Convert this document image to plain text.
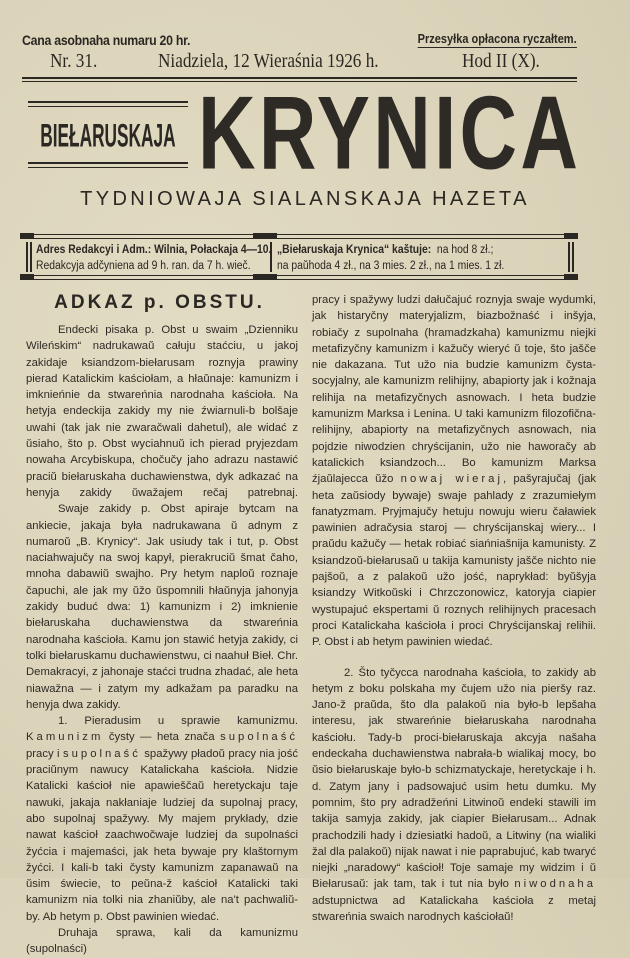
Cana asobnaha numaru 20 hr.	Przesyłka opłacona ryczałtem.
Nr. 31.	Niadziela, 12 Wieraśnia 1926 h.	Hod II (X).
BIEŁARUSKAJA KRYNICA
TYDNIOWAJA SIALANSKAJA HAZETA
Adres Redakcyi i Adm.: Wilnia, Połackaja 4—10.
Redakcyja adčyniena ad 9 h. ran. da 7 h. wieč.
„Biełaruskaja Krynica“ kaštuje: na hod 8 zł.;
na paŭhoda 4 zł., na 3 mies. 2 zł., na 1 mies. 1 zł.
ADKAZ p. OBSTU.

Endecki pisaka p. Obst u swaim „Dzienniku Wileńskim“ nadrukawaŭ całuju staćciu, u jakoj zakidaje ksiandzom-biełarusam roznyja prawiny pierad Katalickim kaściołam, a hłaŭnaje: kamunizm i imknieńnie da stwareńnia narodnaha kaścioła. Na hetyja endeckija zakidy my nie źwiarnuli-b bolšaje uwahi (tak jak nie zwaračwali dahetul), ale widać z ŭsiaho, što p. Obst wyciahnuŭ ich pierad pryjezdam nowaha Arcybiskupa, chočučy jaho adrazu nastawić praciŭ biełaruskaha duchawienstwa, dyk adkazać na henyja zakidy ŭwažajem rečaj patrebnaj.

Swaje zakidy p. Obst apiraje bytcam na ankiecie, jakaja była nadrukawana ŭ adnym z numaroŭ „B. Krynicy“. Jak usiudy tak i tut, p. Obst naciahwajučy na swoj kapył, pierakruciŭ šmat čaho, mnoha dabawiŭ swajho. Pry hetym naploŭ roznaje čapuchi, ale jak my ŭžo ŭspomnili hłaŭnyja jahonyja zakidy buduć dwa: 1) kamunizm i 2) imknienie biełaruskaha duchawienstwa da stwareńnia narodnaha kaścioła. Kamu jon stawić hetyja zakidy, ci tolki biełaruskamu duchawienstwu, ci naahuł Bieł. Chr. Demakracyi, z jahonaje staćci trudna zhadać, ale heta niawažna — i zatym my adkažam pa paradku na henyja dwa zakidy.

1. Pieradusim u sprawie kamunizmu. Kamunizm čysty — heta znača supolnaść pracy i supolnaść spažywy pładoŭ pracy nia jość praciŭnym nawucy Katalickaha kaścioła. Nidzie Katalicki kaścioł nie apawieščaŭ heretyckaju taje nawuki, jakaja nakłaniaje ludziej da supolnaj pracy, abo supolnaj spažywy. My majem prykłady, dzie nawat kaścioł zaachwočwaje ludziej da supolnaści žyćcia i majemaści, jak heta bywaje pry klaštornym žyćci. I kali-b taki čysty kamunizm zapanawaŭ na ŭsim świecie, to peŭna-ž kaścioł Katalicki taki kamunizm nia tolki nia zhaniŭby, ale na't pachwaliŭ-by. Ab hetym p. Obst pawinien wiedać.

Druhaja sprawa, kali da kamunizmu (supolnaści)

pracy i spažywy ludzi dałučajuć roznyja swaje wydumki, jak histaryčny materyjalizm, biazbožnaść i inšyja, robiačy z supolnaha (hramadzkaha) kamunizmu niejki metafizyčny kamunizm i kažučy wieryć ŭ toje, što jašče nie dakazana. Tut užo nia budzie kamunizm čysta-socyjalny, ale kamunizm relihijny, abapiorty jak i kožnaja relihija na metafizyčnych asnowach. I heta budzie kamunizm Marksa i Lenina. U taki kamunizm filozofična-relihijny, abapiorty na metafizyčnych asnowach, nia pojdzie niwodzien chryścijanin, užo nie haworačy ab katalickich ksiandzoch... Bo kamunizm Marksa źjaŭlajecca ŭžo nowaj wieraj, pašyrajučaj (jak heta zaŭsiody bywaje) swaje pahlady z zrazumiełym fanatyzmam. Pryjmajučy hetuju nowuju wieru čaławiek pawinien adračysia staroj — chryścijanskaj wiery... I praŭdu kažučy — hetak robiać siańniašnija kamunisty. Z ksiandzoŭ-biełarusaŭ u takija kamunisty jašče nichto nie pajšoŭ, a z palakoŭ užo jość, naprykład: byŭšyja ksiandzy Witkoŭski i Chrzczonowicz, katoryja ciapier wystupajuć ekspertami ŭ roznych relihijnych pracesach proci Katalickaha kaścioła i proci Chryścijanskaj relihii. P. Obst i ab hetym pawinien wiedać.

2. Što tyčycca narodnaha kaścioła, to zakidy ab hetym z boku polskaha my čujem užo nia pieršy raz. Jano-ž praŭda, što dla palakoŭ nia było-b lepšaha interesu, jak stwareńnie biełaruskaha narodnaha kaściołu. Tady-b proci-biełaruskaja akcyja našaha endeckaha duchawienstwa nabrała-b wialikaj mocy, bo ŭsio biełaruskaje było-b schizmatyckaje, heretyckaje i h. d. Zatym jany i padsowajuć usim hetu dumku. My pomnim, što pry adradžeńni Litwinoŭ endeki stawili im takija samyja zakidy, jak ciapier Biełarusam... Adnak prachodzili hady i dziesiatki hadoŭ, a Litwiny (na wialiki žal dla palakoŭ) nijak nawat i nie paprabujuć, kab twaryć niejki „naradowy“ kaścioł! Toje samaje my widzim i ŭ Biełarusaŭ: jak tam, tak i tut nia było niwodnaha adstupnictwa ad Katalickaha kaścioła z metaj stwareńnia swaich narodnych kaściołaŭ!
